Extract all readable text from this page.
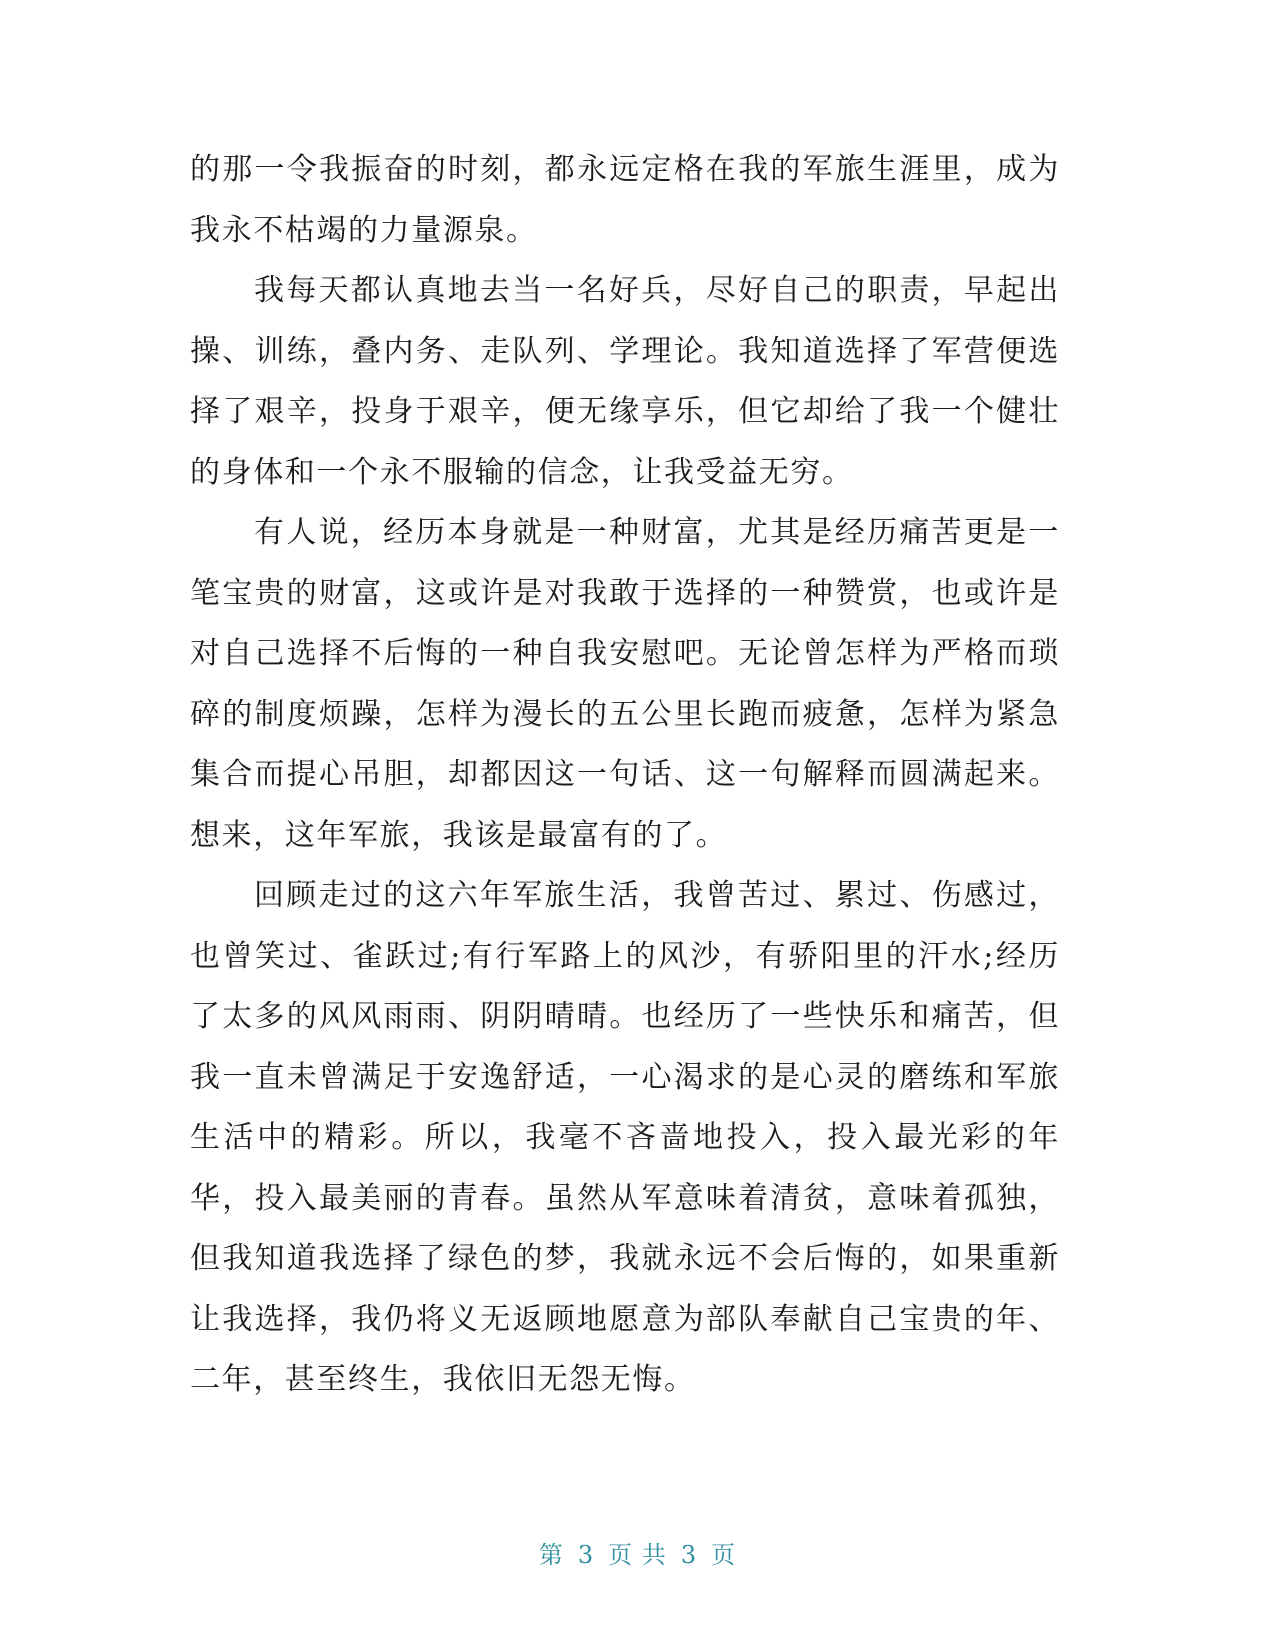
的那一令我振奋的时刻，都永远定格在我的军旅生涯里，成为我永不枯竭的力量源泉。

我每天都认真地去当一名好兵，尽好自己的职责，早起出操、训练，叠内务、走队列、学理论。我知道选择了军营便选择了艰辛，投身于艰辛，便无缘享乐，但它却给了我一个健壮的身体和一个永不服输的信念，让我受益无穷。

有人说，经历本身就是一种财富，尤其是经历痛苦更是一笔宝贵的财富，这或许是对我敢于选择的一种赞赏，也或许是对自己选择不后悔的一种自我安慰吧。无论曾怎样为严格而琐碎的制度烦躁，怎样为漫长的五公里长跑而疲惫，怎样为紧急集合而提心吊胆，却都因这一句话、这一句解释而圆满起来。想来，这年军旅，我该是最富有的了。

回顾走过的这六年军旅生活，我曾苦过、累过、伤感过，也曾笑过、雀跃过;有行军路上的风沙，有骄阳里的汗水;经历了太多的风风雨雨、阴阴晴晴。也经历了一些快乐和痛苦，但我一直未曾满足于安逸舒适，一心渴求的是心灵的磨练和军旅生活中的精彩。所以，我毫不吝啬地投入，投入最光彩的年华，投入最美丽的青春。虽然从军意味着清贫，意味着孤独，但我知道我选择了绿色的梦，我就永远不会后悔的，如果重新让我选择，我仍将义无返顾地愿意为部队奉献自己宝贵的年、二年，甚至终生，我依旧无怨无悔。

第 3 页 共 3 页
